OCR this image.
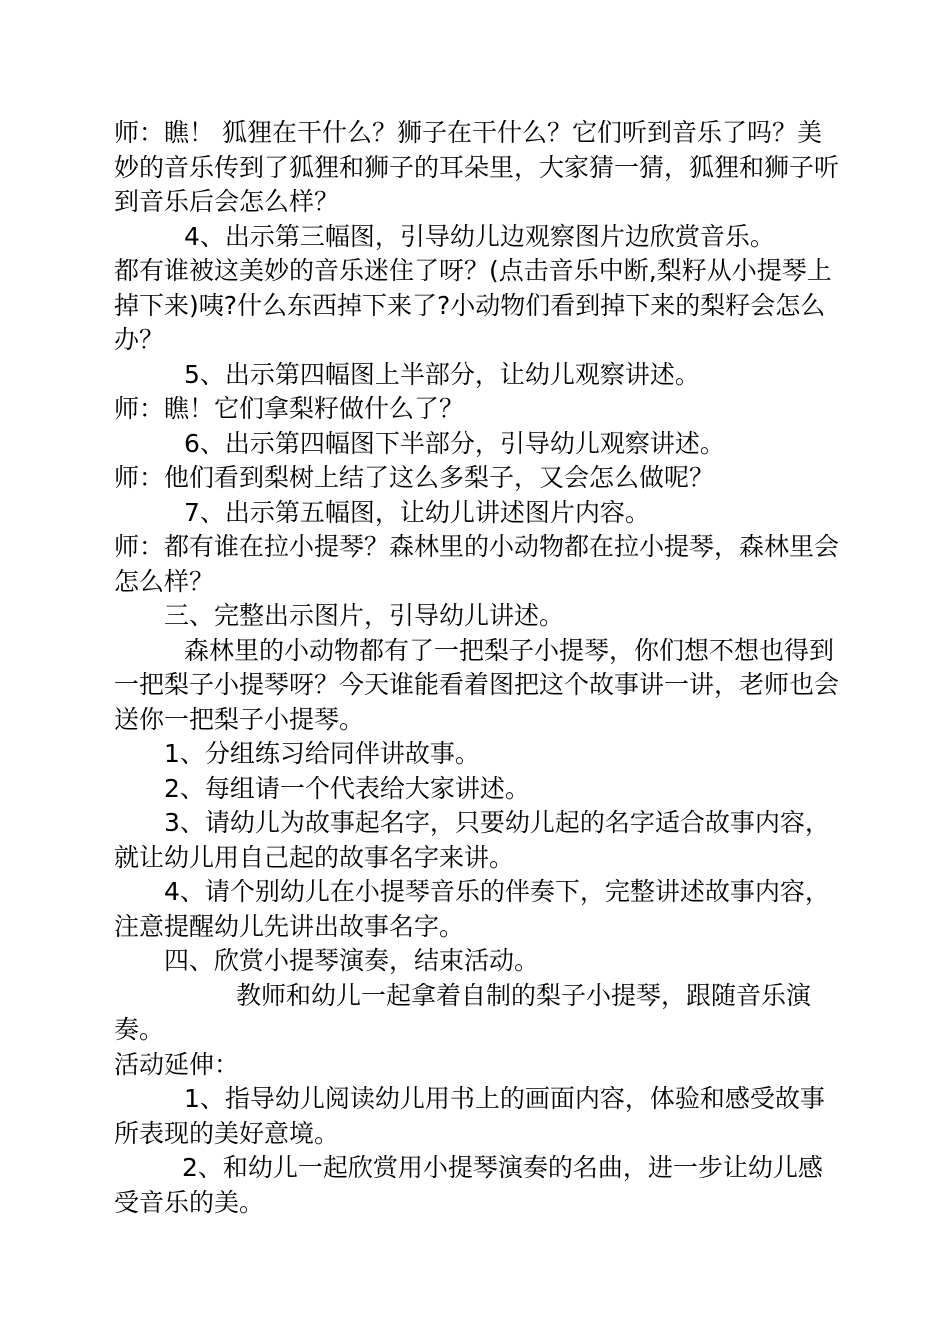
师：瞧！ 狐狸在干什么？狮子在干什么？它们听到音乐了吗？美妙的音乐传到了狐狸和狮子的耳朵里，大家猜一猜，狐狸和狮子听到音乐后会怎么样？

4、出示第三幅图，引导幼儿边观察图片边欣赏音乐。

都有谁被这美妙的音乐迷住了呀？(点击音乐中断,梨籽从小提琴上掉下来)咦?什么东西掉下来了?小动物们看到掉下来的梨籽会怎么办？

5、出示第四幅图上半部分，让幼儿观察讲述。

师：瞧！它们拿梨籽做什么了？

6、出示第四幅图下半部分，引导幼儿观察讲述。

师：他们看到梨树上结了这么多梨子，又会怎么做呢？

7、出示第五幅图，让幼儿讲述图片内容。

师：都有谁在拉小提琴？森林里的小动物都在拉小提琴，森林里会怎么样？

三、完整出示图片，引导幼儿讲述。

森林里的小动物都有了一把梨子小提琴，你们想不想也得到一把梨子小提琴呀？今天谁能看着图把这个故事讲一讲，老师也会送你一把梨子小提琴。

1、分组练习给同伴讲故事。

2、每组请一个代表给大家讲述。

3、请幼儿为故事起名字，只要幼儿起的名字适合故事内容，就让幼儿用自己起的故事名字来讲。

4、请个别幼儿在小提琴音乐的伴奏下，完整讲述故事内容，注意提醒幼儿先讲出故事名字。

四、欣赏小提琴演奏，结束活动。

教师和幼儿一起拿着自制的梨子小提琴，跟随音乐演奏。

活动延伸：

1、指导幼儿阅读幼儿用书上的画面内容，体验和感受故事所表现的美好意境。

2、和幼儿一起欣赏用小提琴演奏的名曲，进一步让幼儿感受音乐的美。
